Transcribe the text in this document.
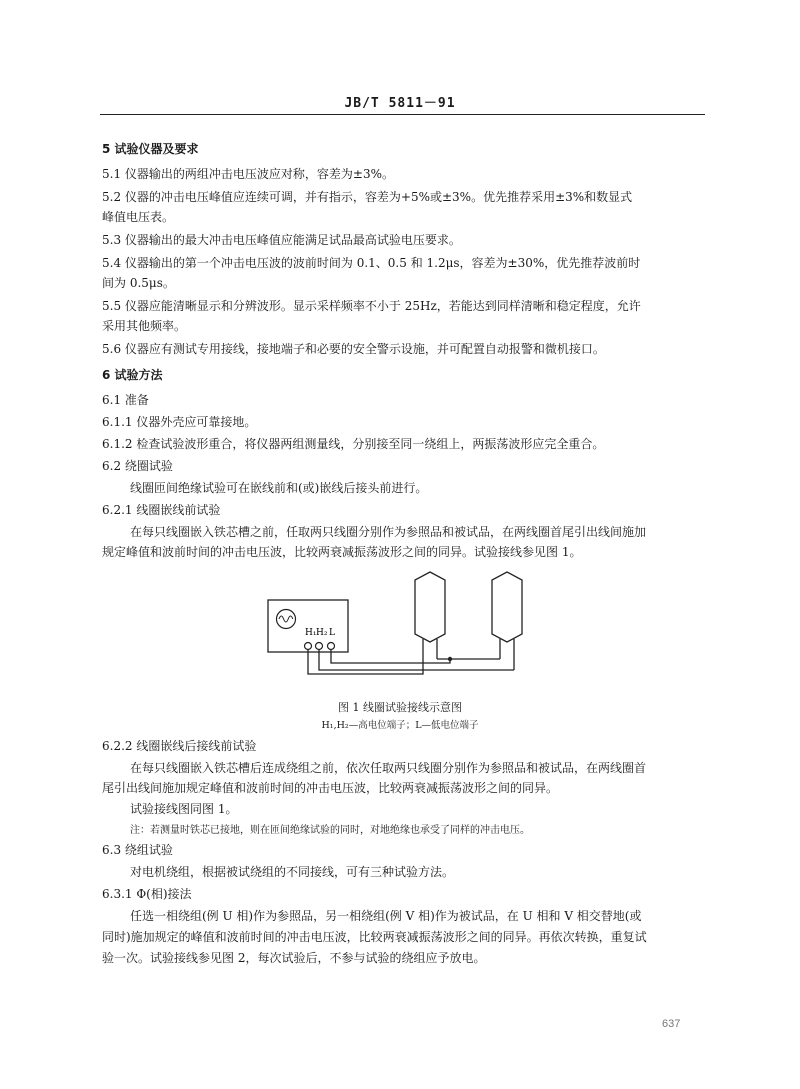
JB/T 5811－91
5 试验仪器及要求
5.1 仪器输出的两组冲击电压波应对称，容差为±3%。
5.2 仪器的冲击电压峰值应连续可调，并有指示，容差为+5%或±3%。优先推荐采用±3%和数显式
峰值电压表。
5.3 仪器输出的最大冲击电压峰值应能满足试品最高试验电压要求。
5.4 仪器输出的第一个冲击电压波的波前时间为 0.1、0.5 和 1.2μs，容差为±30%，优先推荐波前时
间为 0.5μs。
5.5 仪器应能清晰显示和分辨波形。显示采样频率不小于 25Hz，若能达到同样清晰和稳定程度，允许
采用其他频率。
5.6 仪器应有测试专用接线，接地端子和必要的安全警示设施，并可配置自动报警和微机接口。
6 试验方法
6.1 准备
6.1.1 仪器外壳应可靠接地。
6.1.2 检查试验波形重合，将仪器两组测量线，分别接至同一绕组上，两振荡波形应完全重合。
6.2 绕圈试验
线圈匝间绝缘试验可在嵌线前和(或)嵌线后接头前进行。
6.2.1 线圈嵌线前试验
在每只线圈嵌入铁芯槽之前，任取两只线圈分别作为参照品和被试品，在两线圈首尾引出线间施加
规定峰值和波前时间的冲击电压波，比较两衰减振荡波形之间的同异。试验接线参见图 1。
H₁ H₂ L
图 1 线圈试验接线示意图
H₁,H₂—高电位端子；L—低电位端子
6.2.2 线圈嵌线后接线前试验
在每只线圈嵌入铁芯槽后连成绕组之前，依次任取两只线圈分别作为参照品和被试品，在两线圈首
尾引出线间施加规定峰值和波前时间的冲击电压波，比较两衰减振荡波形之间的同异。
试验接线图同图 1。
注：若测量时铁芯已接地，则在匝间绝缘试验的同时，对地绝缘也承受了同样的冲击电压。
6.3 绕组试验
对电机绕组，根据被试绕组的不同接线，可有三种试验方法。
6.3.1 Φ(相)接法
任选一相绕组(例 U 相)作为参照品，另一相绕组(例 V 相)作为被试品，在 U 相和 V 相交替地(或
同时)施加规定的峰值和波前时间的冲击电压波，比较两衰减振荡波形之间的同异。再依次转换，重复试
验一次。试验接线参见图 2，每次试验后，不参与试验的绕组应予放电。
637
